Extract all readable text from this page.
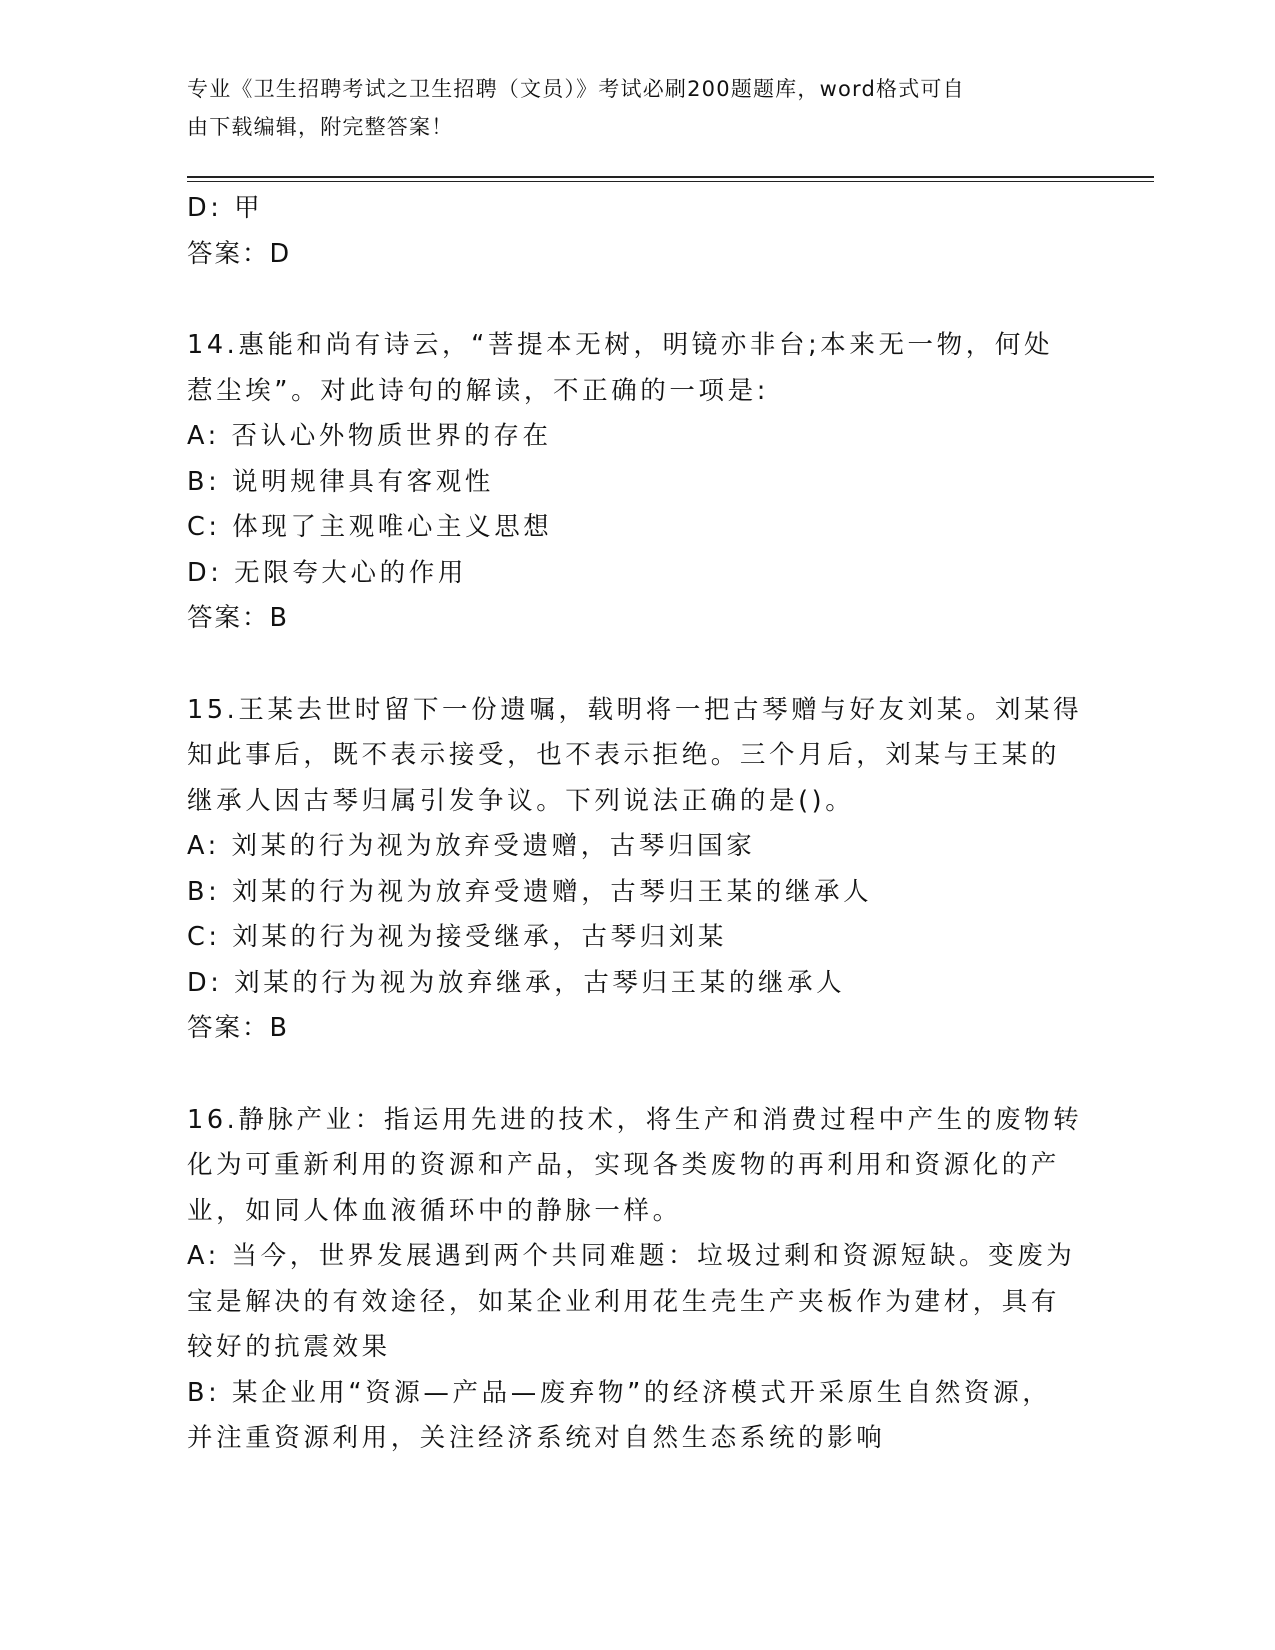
专业《卫生招聘考试之卫生招聘（文员）》考试必刷200题题库，word格式可自
由下载编辑，附完整答案！
D: 甲
答案：D
14.惠能和尚有诗云，“菩提本无树，明镜亦非台;本来无一物，何处
惹尘埃”。对此诗句的解读，不正确的一项是:
A: 否认心外物质世界的存在
B: 说明规律具有客观性
C: 体现了主观唯心主义思想
D: 无限夸大心的作用
答案：B
15.王某去世时留下一份遗嘱，载明将一把古琴赠与好友刘某。刘某得
知此事后，既不表示接受，也不表示拒绝。三个月后，刘某与王某的
继承人因古琴归属引发争议。下列说法正确的是()。
A: 刘某的行为视为放弃受遗赠，古琴归国家
B: 刘某的行为视为放弃受遗赠，古琴归王某的继承人
C: 刘某的行为视为接受继承，古琴归刘某
D: 刘某的行为视为放弃继承，古琴归王某的继承人
答案：B
16.静脉产业：指运用先进的技术，将生产和消费过程中产生的废物转
化为可重新利用的资源和产品，实现各类废物的再利用和资源化的产
业，如同人体血液循环中的静脉一样。
A: 当今，世界发展遇到两个共同难题：垃圾过剩和资源短缺。变废为
宝是解决的有效途径，如某企业利用花生壳生产夹板作为建材，具有
较好的抗震效果
B: 某企业用“资源—产品—废弃物”的经济模式开采原生自然资源，
并注重资源利用，关注经济系统对自然生态系统的影响
